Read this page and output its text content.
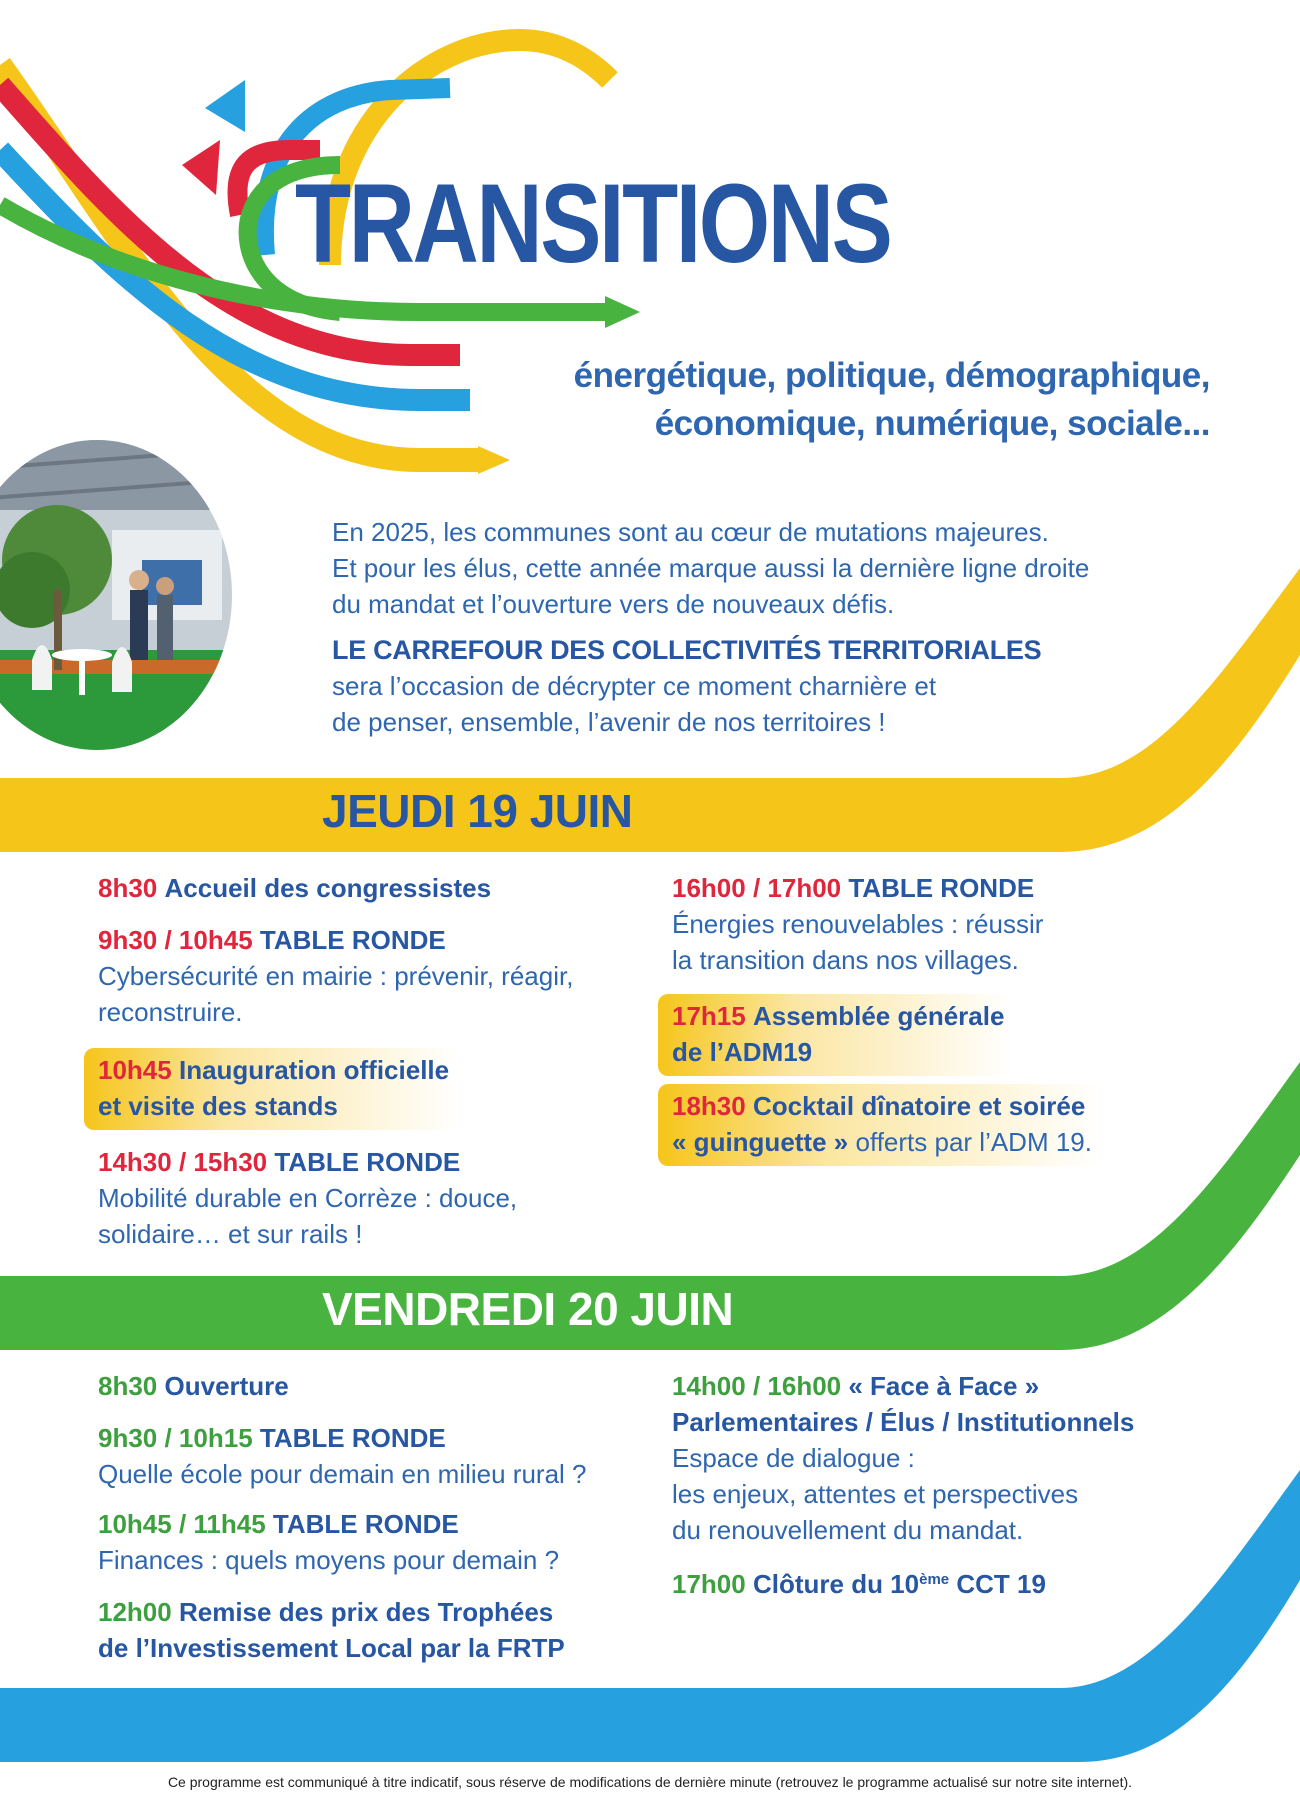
TRANSITIONS
énergétique, politique, démographique,
économique, numérique, sociale...

En 2025, les communes sont au cœur de mutations majeures.

Et pour les élus, cette année marque aussi la dernière ligne droite

du mandat et l’ouverture vers de nouveaux défis.

LE CARREFOUR DES COLLECTIVITÉS TERRITORIALES

sera l’occasion de décrypter ce moment charnière et

de penser, ensemble, l’avenir de nos territoires !

JEUDI 19 JUIN
8h30 Accueil des congressistes
9h30 / 10h45 TABLE RONDE
Cybersécurité en mairie : prévenir, réagir,
reconstruire.
10h45 Inauguration officielle
et visite des stands
14h30 / 15h30 TABLE RONDE
Mobilité durable en Corrèze : douce,
solidaire… et sur rails !
16h00 / 17h00 TABLE RONDE
Énergies renouvelables : réussir
la transition dans nos villages.
17h15 Assemblée générale
de l’ADM19
18h30 Cocktail dînatoire et soirée
« guinguette » offerts par l’ADM 19.
VENDREDI 20 JUIN
8h30 Ouverture
9h30 / 10h15 TABLE RONDE
Quelle école pour demain en milieu rural ?
10h45 / 11h45 TABLE RONDE
Finances : quels moyens pour demain ?
12h00 Remise des prix des Trophées
de l’Investissement Local par la FRTP
14h00 / 16h00 « Face à Face »
Parlementaires / Élus / Institutionnels
Espace de dialogue :
les enjeux, attentes et perspectives
du renouvellement du mandat.
17h00 Clôture du 10ème CCT 19
Ce programme est communiqué à titre indicatif, sous réserve de modifications de dernière minute (retrouvez le programme actualisé sur notre site internet).
